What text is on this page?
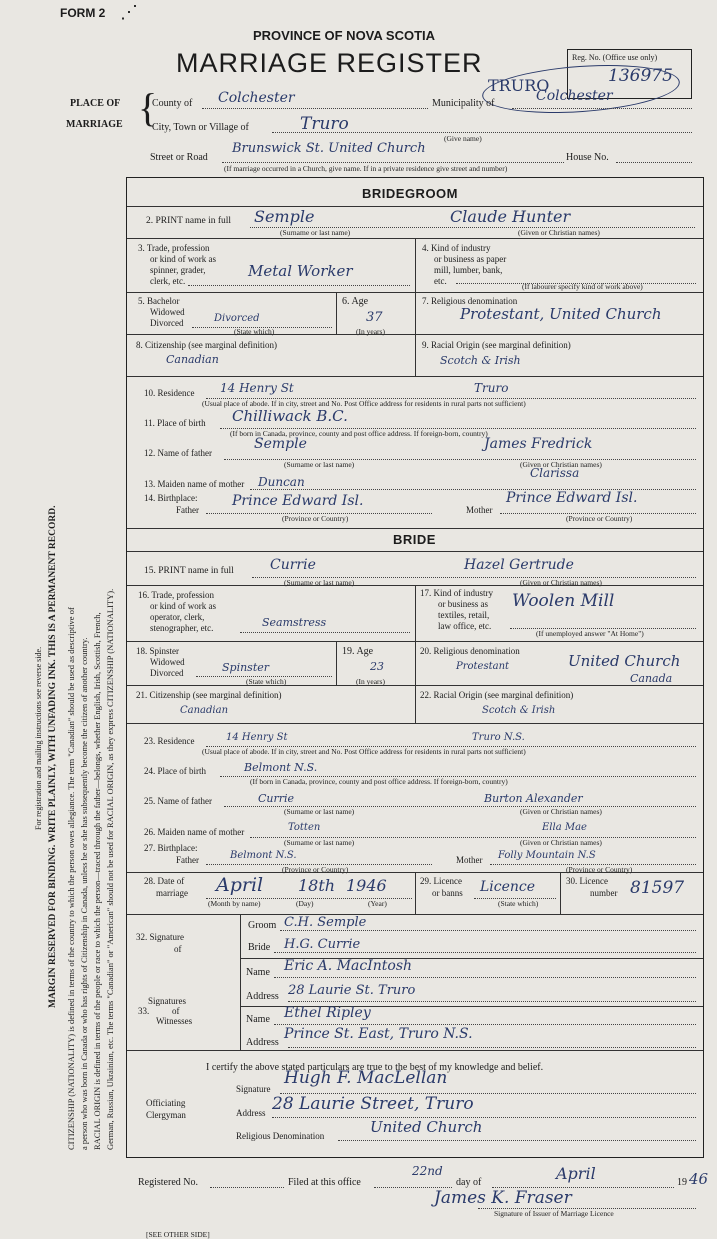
For registration and mailing instructions see reverse side. MARGIN RESERVED FOR BINDING. WRITE PLAINLY, WITH UNFADING INK. THIS IS A PERMANENT RECORD. CITIZENSHIP (NATIONALITY) is defined in terms of the country to which the person owes allegiance. The term "Canadian" should be used as descriptive of a person who was born in Canada or who has rights of Citizenship in Canada, unless he or she has subsequently become the citizen of another country. RACIAL ORIGIN is defined in terms of the people or race to which the person—traced through the father—belongs, whether English, Irish, Scottish, French, German, Russian, Ukrainian, etc. The terms "Canadian" or "American" should not be used for RACIAL ORIGIN, as they express CITIZENSHIP (NATIONALITY).
FORM 2 ⋰
PROVINCE OF NOVA SCOTIA
MARRIAGE REGISTER	Reg. No. (Office use only)
136975
TRURO
PLACE OF
MARRIAGE {
County of Colchester	Municipality of	Colchester
City, Town or Village of	Truro
(Give name)
Street or Road
Brunswick St. United Church
House No.
(If marriage occurred in a Church, give name. If in a private residence give street and number)
BRIDEGROOM
2. PRINT name in full Semple	Claude Hunter
(Surname or last name)	(Given or Christian names)
3. Trade, profession
or kind of work as
spinner, grader,
clerk, etc.
Metal Worker
4. Kind of industry
or business as paper
mill, lumber, bank,
etc.
(If labourer specify kind of work above)
5. Bachelor
Widowed
Divorced	Divorced
(State which)
6. Age
37
(In years)
7. Religious denomination
Protestant, United Church
8. Citizenship (see marginal definition)
Canadian
9. Racial Origin (see marginal definition)
Scotch & Irish
10. Residence 14 Henry St	Truro
(Usual place of abode. If in city, street and No. Post Office address for residents in rural parts not sufficient)
11. Place of birth Chilliwack B.C.
(If born in Canada, province, county and post office address. If foreign-born, country)
12. Name of father
Semple	James Fredrick
(Surname or last name)	(Given or Christian names)
13. Maiden name of mother Duncan
Clarissa
14. Birthplace:
Father
Prince Edward Isl.
(Province or Country)
Mother
Prince Edward Isl.
(Province or Country)
BRIDE
15. PRINT name in full	Currie	Hazel Gertrude
(Surname or last name)	(Given or Christian names)
16. Trade, profession
or kind of work as
operator, clerk,
stenographer, etc.	Seamstress
17. Kind of industry
or business as
textiles, retail,
law office, etc.
Woolen Mill
(If unemployed answer "At Home")
18. Spinster
Widowed
Divorced	Spinster
(State which)
19. Age
23
(In years)
20. Religious denomination
Protestant	United Church
Canada
21. Citizenship (see marginal definition)
Canadian
22. Racial Origin (see marginal definition)
Scotch & Irish
23. Residence	14 Henry St	Truro N.S.
(Usual place of abode. If in city, street and No. Post Office address for residents in rural parts not sufficient)
24. Place of birth	Belmont N.S.
(If born in Canada, province, county and post office address. If foreign-born, country)
25. Name of father	Currie	Burton Alexander
(Surname or last name)	(Given or Christian names)
26. Maiden name of mother	Totten	Ella Mae
(Surname or last name)	(Given or Christian names)
27. Birthplace:
Father	Belmont N.S.
(Province or Country)
Mother Folly Mountain N.S
(Province or Country)
28. Date of
marriage April 18th 1946
(Month by name)	(Day)	(Year)
29. Licence
or banns Licence
(State which)
30. Licence
number 81597
32. Signature
of
Groom C.H. Semple
Bride H.G. Currie
Signatures
33.	of
Witnesses
Name Eric A. MacIntosh
Address 28 Laurie St. Truro
Name Ethel Ripley
Address
Prince St. East, Truro N.S.
I certify the above stated particulars are true to the best of my knowledge and belief.
Officiating
Clergyman
Signature
Hugh F. MacLellan
Address 28 Laurie Street, Truro
Religious Denomination	United Church
Registered No.	Filed at this office
22nd
day of	April	19 46
James K. Fraser
Signature of Issuer of Marriage Licence
[SEE OTHER SIDE]
